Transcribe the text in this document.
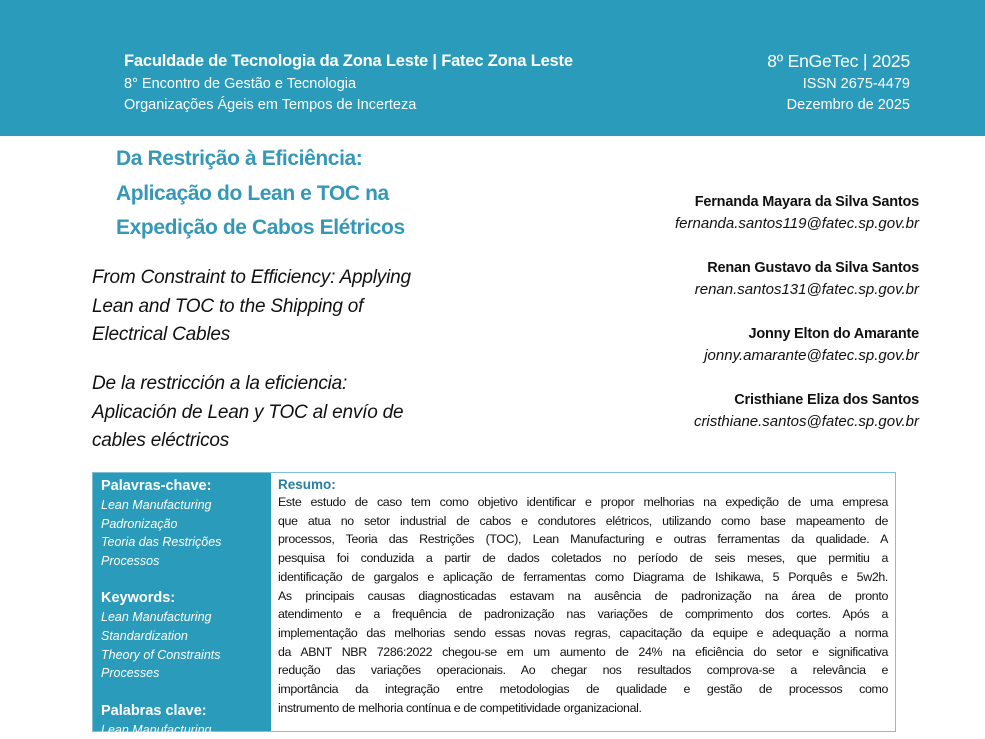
Faculdade de Tecnologia da Zona Leste | Fatec Zona Leste
8° Encontro de Gestão e Tecnologia
Organizações Ágeis em Tempos de Incerteza
8º EnGeTec | 2025
ISSN 2675-4479
Dezembro de 2025
Da Restrição à Eficiência:
Aplicação do Lean e TOC na
Expedição de Cabos Elétricos
From Constraint to Efficiency: Applying
Lean and TOC to the Shipping of
Electrical Cables
De la restricción a la eficiencia:
Aplicación de Lean y TOC al envío de
cables eléctricos
Fernanda Mayara da Silva Santos
fernanda.santos119@fatec.sp.gov.br
Renan Gustavo da Silva Santos
renan.santos131@fatec.sp.gov.br
Jonny Elton do Amarante
jonny.amarante@fatec.sp.gov.br
Cristhiane Eliza dos Santos
cristhiane.santos@fatec.sp.gov.br
Palavras-chave:
Lean Manufacturing
Padronização
Teoria das Restrições
Processos
Keywords:
Lean Manufacturing
Standardization
Theory of Constraints
Processes
Palabras clave:
Lean Manufacturing
Resumo:
Este estudo de caso tem como objetivo identificar e propor melhorias na expedição de uma empresa
que atua no setor industrial de cabos e condutores elétricos, utilizando como base mapeamento de
processos, Teoria das Restrições (TOC), Lean Manufacturing e outras ferramentas da qualidade. A
pesquisa foi conduzida a partir de dados coletados no período de seis meses, que permitiu a
identificação de gargalos e aplicação de ferramentas como Diagrama de Ishikawa, 5 Porquês e 5w2h.
As principais causas diagnosticadas estavam na ausência de padronização na área de pronto
atendimento e a frequência de padronização nas variações de comprimento dos cortes. Após a
implementação das melhorias sendo essas novas regras, capacitação da equipe e adequação a norma
da ABNT NBR 7286:2022 chegou-se em um aumento de 24% na eficiência do setor e significativa
redução das variações operacionais. Ao chegar nos resultados comprova-se a relevância e
importância da integração entre metodologias de qualidade e gestão de processos como
instrumento de melhoria contínua e de competitividade organizacional.
